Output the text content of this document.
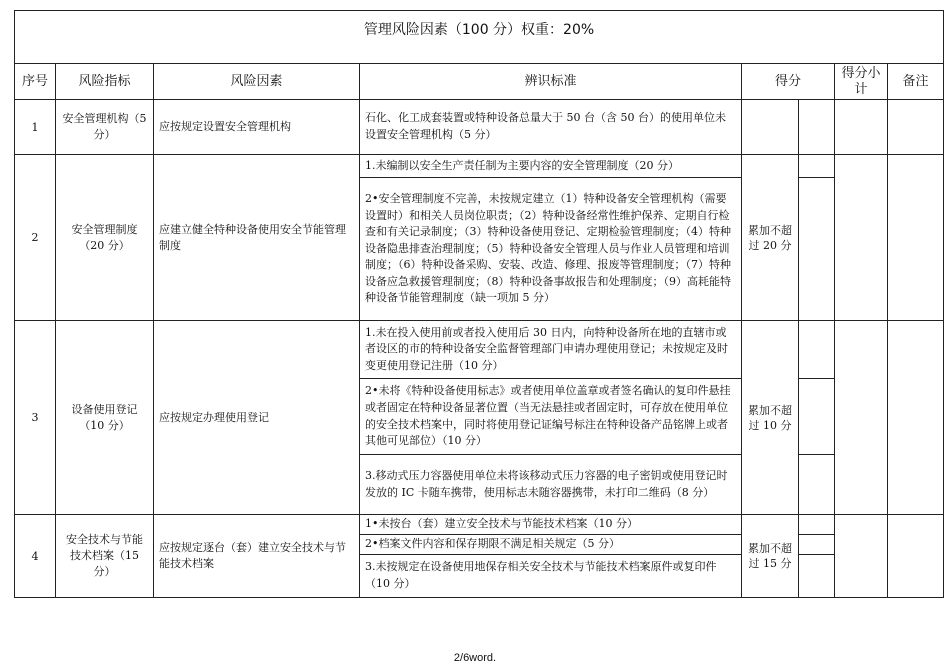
管理风险因素（100 分）权重：20%							
序号	风险指标	风险因素	辨识标准	得分		得分小计	备注
1	安全管理机构（5 分）	应按规定设置安全管理机构	石化、化工成套装置或特种设备总量大于 50 台（含 50 台）的使用单位未设置安全管理机构（5 分）				
2	安全管理制度（20 分）	应建立健全特种设备使用安全节能管理制度	1.未编制以安全生产责任制为主要内容的安全管理制度（20 分）	累加不超过 20 分			
			2•安全管理制度不完善，未按规定建立（1）特种设备安全管理机构（需要设置时）和相关人员岗位职责；（2）特种设备经常性维护保养、定期自行检查和有关记录制度；（3）特种设备使用登记、定期检验管理制度；（4）特种设备隐患排查治理制度；（5）特种设备安全管理人员与作业人员管理和培训制度；（6）特种设备采购、安装、改造、修理、报废等管理制度；（7）特种设备应急救援管理制度；（8）特种设备事故报告和处理制度；（9）高耗能特种设备节能管理制度（缺一项加 5 分）				
3	设备使用登记（10 分）	应按规定办理使用登记	1.未在投入使用前或者投入使用后 30 日内，向特种设备所在地的直辖市或者设区的市的特种设备安全监督管理部门申请办理使用登记；未按规定及时变更使用登记注册（10 分）	累加不超过 10 分			
			2•未将《特种设备使用标志》或者使用单位盖章或者签名确认的复印件悬挂或者固定在特种设备显著位置（当无法悬挂或者固定时，可存放在使用单位的安全技术档案中，同时将使用登记证编号标注在特种设备产品铭牌上或者其他可见部位）（10 分）				
			3.移动式压力容器使用单位未将该移动式压力容器的电子密钥或使用登记时发放的 IC 卡随车携带，使用标志未随容器携带，未打印二维码（8 分）				
4	安全技术与节能技术档案（15 分）	应按规定逐台（套）建立安全技术与节能技术档案	1•未按台（套）建立安全技术与节能技术档案（10 分）	累加不超过 15 分			
			2•档案文件内容和保存期限不满足相关规定（5 分）				
			3.未按规定在设备使用地保存相关安全技术与节能技术档案原件或复印件（10 分）				
2/6word.
